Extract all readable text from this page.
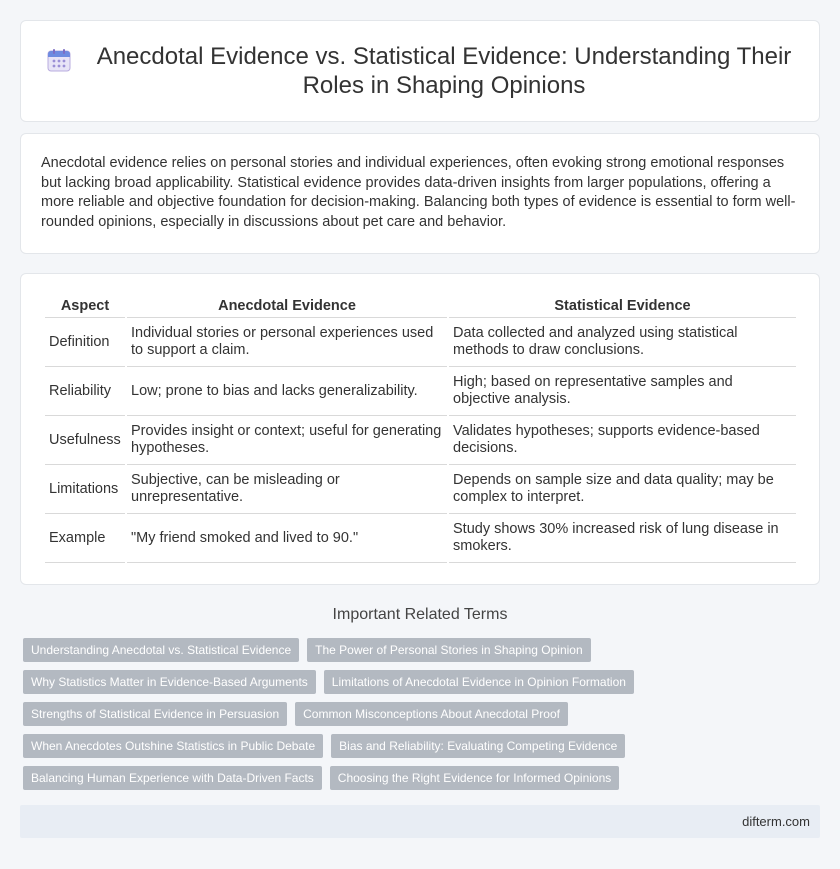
Anecdotal Evidence vs. Statistical Evidence: Understanding Their Roles in Shaping Opinions

Anecdotal evidence relies on personal stories and individual experiences, often evoking strong emotional responses but lacking broad applicability. Statistical evidence provides data-driven insights from larger populations, offering a more reliable and objective foundation for decision-making. Balancing both types of evidence is essential to form well-rounded opinions, especially in discussions about pet care and behavior.

Aspect	Anecdotal Evidence	Statistical Evidence
Definition	Individual stories or personal experiences used to support a claim.	Data collected and analyzed using statistical methods to draw conclusions.
Reliability	Low; prone to bias and lacks generalizability.	High; based on representative samples and objective analysis.
Usefulness	Provides insight or context; useful for generating hypotheses.	Validates hypotheses; supports evidence-based decisions.
Limitations	Subjective, can be misleading or unrepresentative.	Depends on sample size and data quality; may be complex to interpret.
Example	"My friend smoked and lived to 90."	Study shows 30% increased risk of lung disease in smokers.
Important Related Terms
Understanding Anecdotal vs. Statistical Evidence	The Power of Personal Stories in Shaping Opinion
Why Statistics Matter in Evidence-Based Arguments	Limitations of Anecdotal Evidence in Opinion Formation
Strengths of Statistical Evidence in Persuasion	Common Misconceptions About Anecdotal Proof
When Anecdotes Outshine Statistics in Public Debate	Bias and Reliability: Evaluating Competing Evidence
Balancing Human Experience with Data-Driven Facts	Choosing the Right Evidence for Informed Opinions
difterm.com
